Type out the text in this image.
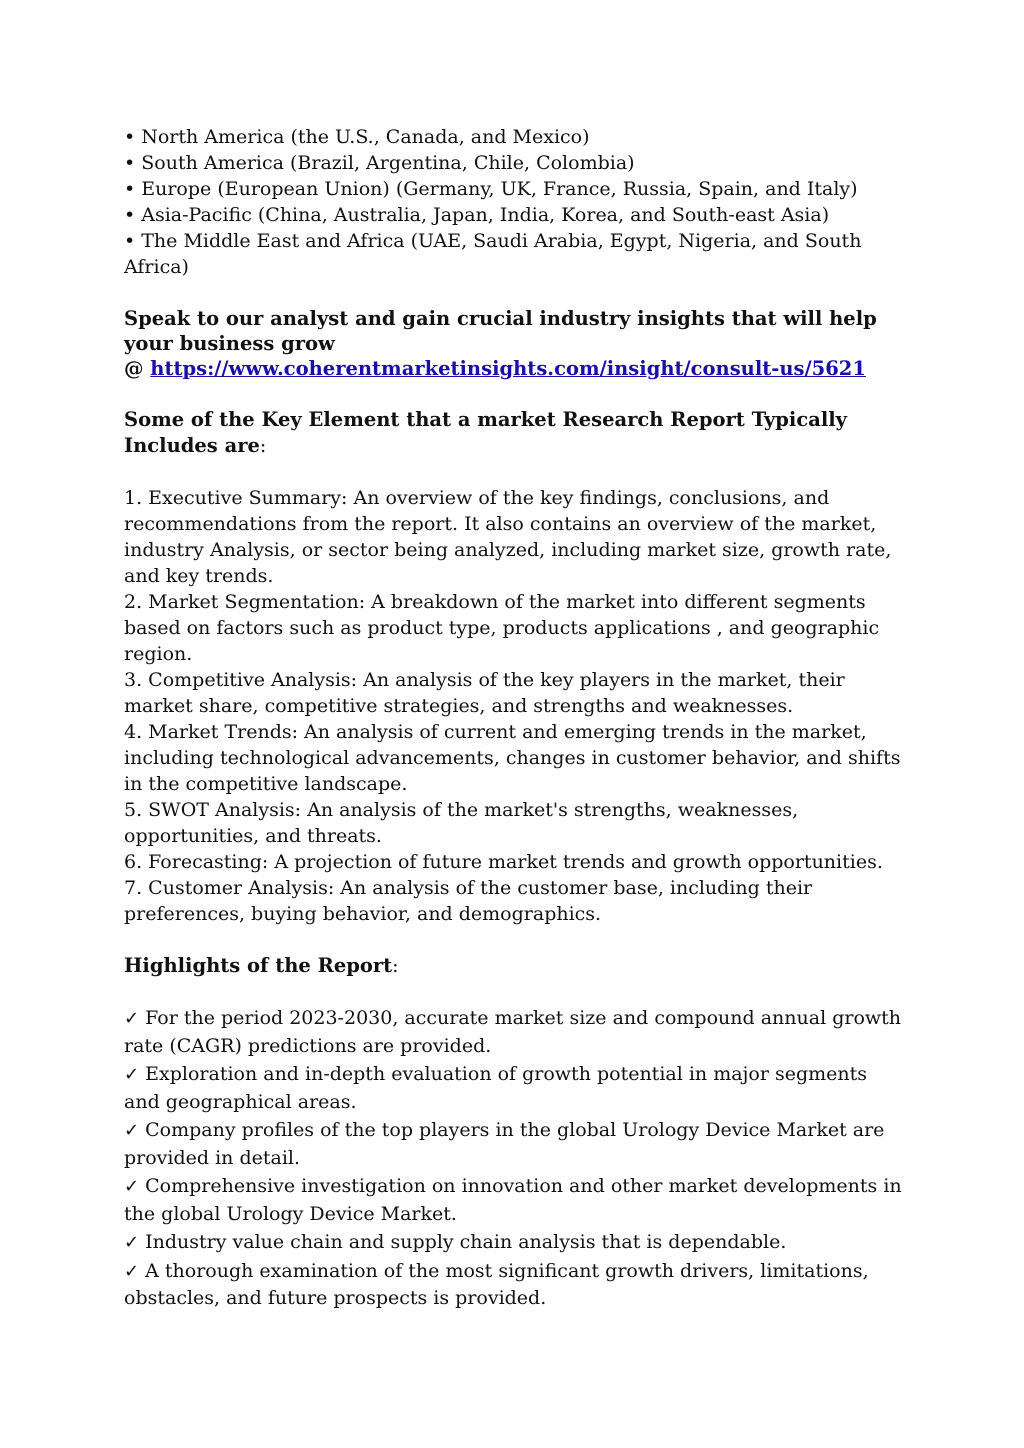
• North America (the U.S., Canada, and Mexico)

• South America (Brazil, Argentina, Chile, Colombia)

• Europe (European Union) (Germany, UK, France, Russia, Spain, and Italy)

• Asia-Pacific (China, Australia, Japan, India, Korea, and South-east Asia)

• The Middle East and Africa (UAE, Saudi Arabia, Egypt, Nigeria, and South Africa)

Speak to our analyst and gain crucial industry insights that will help your business grow

@ https://www.coherentmarketinsights.com/insight/consult-us/5621

Some of the Key Element that a market Research Report Typically Includes are:

1. Executive Summary: An overview of the key findings, conclusions, and recommendations from the report. It also contains an overview of the market, industry Analysis, or sector being analyzed, including market size, growth rate, and key trends.

2. Market Segmentation: A breakdown of the market into different segments based on factors such as product type, products applications , and geographic region.

3. Competitive Analysis: An analysis of the key players in the market, their market share, competitive strategies, and strengths and weaknesses.

4. Market Trends: An analysis of current and emerging trends in the market, including technological advancements, changes in customer behavior, and shifts in the competitive landscape.

5. SWOT Analysis: An analysis of the market's strengths, weaknesses, opportunities, and threats.

6. Forecasting: A projection of future market trends and growth opportunities.

7. Customer Analysis: An analysis of the customer base, including their preferences, buying behavior, and demographics.

Highlights of the Report:

✓ For the period 2023-2030, accurate market size and compound annual growth rate (CAGR) predictions are provided.

✓ Exploration and in-depth evaluation of growth potential in major segments and geographical areas.

✓ Company profiles of the top players in the global Urology Device Market are provided in detail.

✓ Comprehensive investigation on innovation and other market developments in the global Urology Device Market.

✓ Industry value chain and supply chain analysis that is dependable.

✓ A thorough examination of the most significant growth drivers, limitations, obstacles, and future prospects is provided.
